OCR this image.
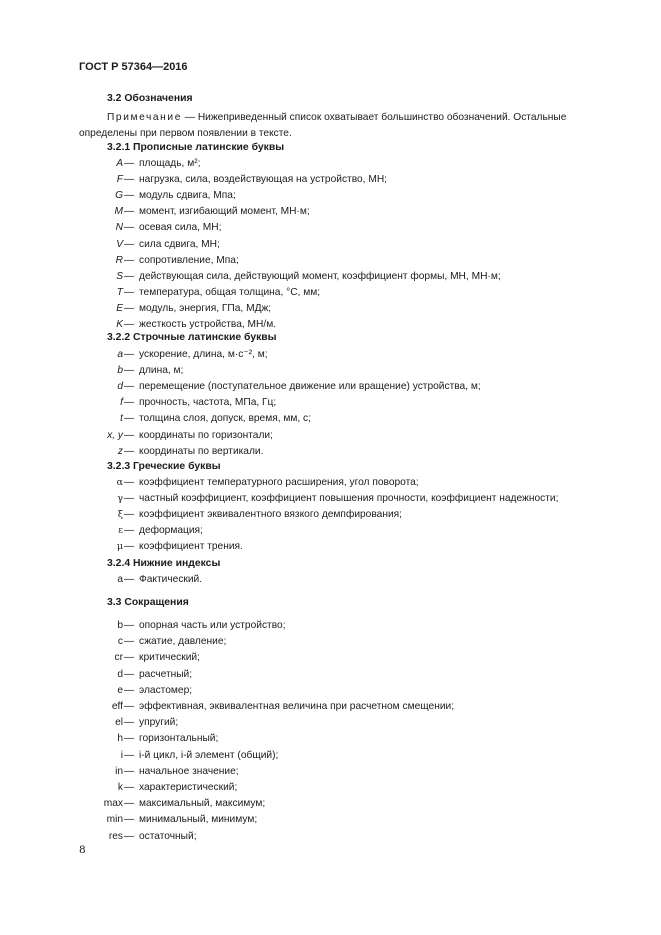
ГОСТ Р 57364—2016
3.2 Обозначения
Примечание — Нижеприведенный список охватывает большинство обозначений. Остальные определены при первом появлении в тексте.
3.2.1 Прописные латинские буквы
A — площадь, м²;
F — нагрузка, сила, воздействующая на устройство, МН;
G — модуль сдвига, Мпа;
M — момент, изгибающий момент, МН·м;
N — осевая сила, МН;
V — сила сдвига, МН;
R — сопротивление, Мпа;
S — действующая сила, действующий момент, коэффициент формы, МН, МН·м;
T — температура, общая толщина, °С, мм;
E — модуль, энергия, ГПа, МДж;
K — жесткость устройства, МН/м.
3.2.2 Строчные латинские буквы
a — ускорение, длина, м·с⁻², м;
b — длина, м;
d — перемещение (поступательное движение или вращение) устройства, м;
f — прочность, частота, МПа, Гц;
t — толщина слоя, допуск, время, мм, с;
x, y — координаты по горизонтали;
z — координаты по вертикали.
3.2.3 Греческие буквы
α — коэффициент температурного расширения, угол поворота;
γ — частный коэффициент, коэффициент повышения прочности, коэффициент надежности;
ξ — коэффициент эквивалентного вязкого демпфирования;
ε — деформация;
μ — коэффициент трения.
3.2.4 Нижние индексы
a — Фактический.
3.3 Сокращения
b — опорная часть или устройство;
c — сжатие, давление;
cr — критический;
d — расчетный;
e — эластомер;
eff — эффективная, эквивалентная величина при расчетном смещении;
el — упругий;
h — горизонтальный;
i — i-й цикл, i-й элемент (общий);
in — начальное значение;
k — характеристический;
max — максимальный, максимум;
min — минимальный, минимум;
res — остаточный;
8
